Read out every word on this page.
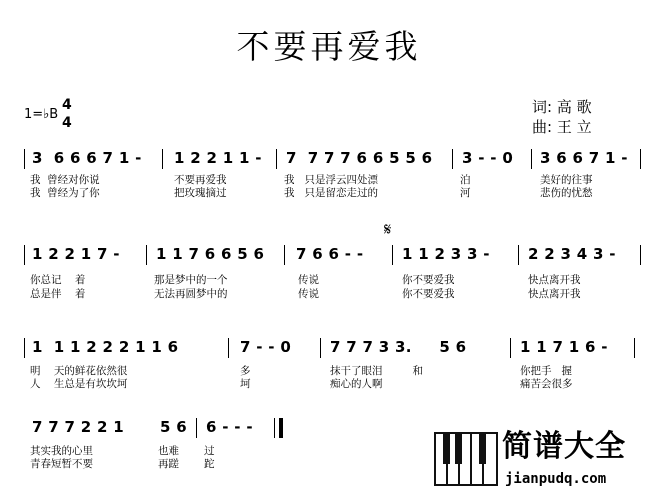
不要再爱我
1=♭B
4
4
词: 高 歌
曲: 王 立
𝄋
3  6 6 6 7 1 -
我  曾经对你说
我  曾经为了你
1 2 2 1 1 -
不要再爱我
把玫瑰摘过
7  7 7 7 6 6 5 5 6
我   只是浮云四处漂
我   只是留恋走过的
3 - - 0
泊
河
3 6 6 7 1 -
美好的往事
悲伤的忧愁
1 2 2 1 7 -
你总记    着
总是伴    着
1 1 7 6 6 5 6
那是梦中的一个
无法再圆梦中的
7 6 6 - -
传说
传说
1 1 2 3 3 -
你不要爱我
你不要爱我
2 2 3 4 3 -
快点离开我
快点离开我
1  1 1 2 2 2 1 1 6
明    天的鲜花依然很
人    生总是有坎坎坷
7 - - 0
多
坷
7 7 7 3 3.     5 6
抹干了眼泪         和
痴心的人啊
1 1 7 1 6 -
你把手   握
痛苦会很多
7 7 7 2 2 1
其实我的心里
青春短暂不要
5 6
也难
再蹉
6 - - -
过
跎	简谱大全
jianpudq.com
